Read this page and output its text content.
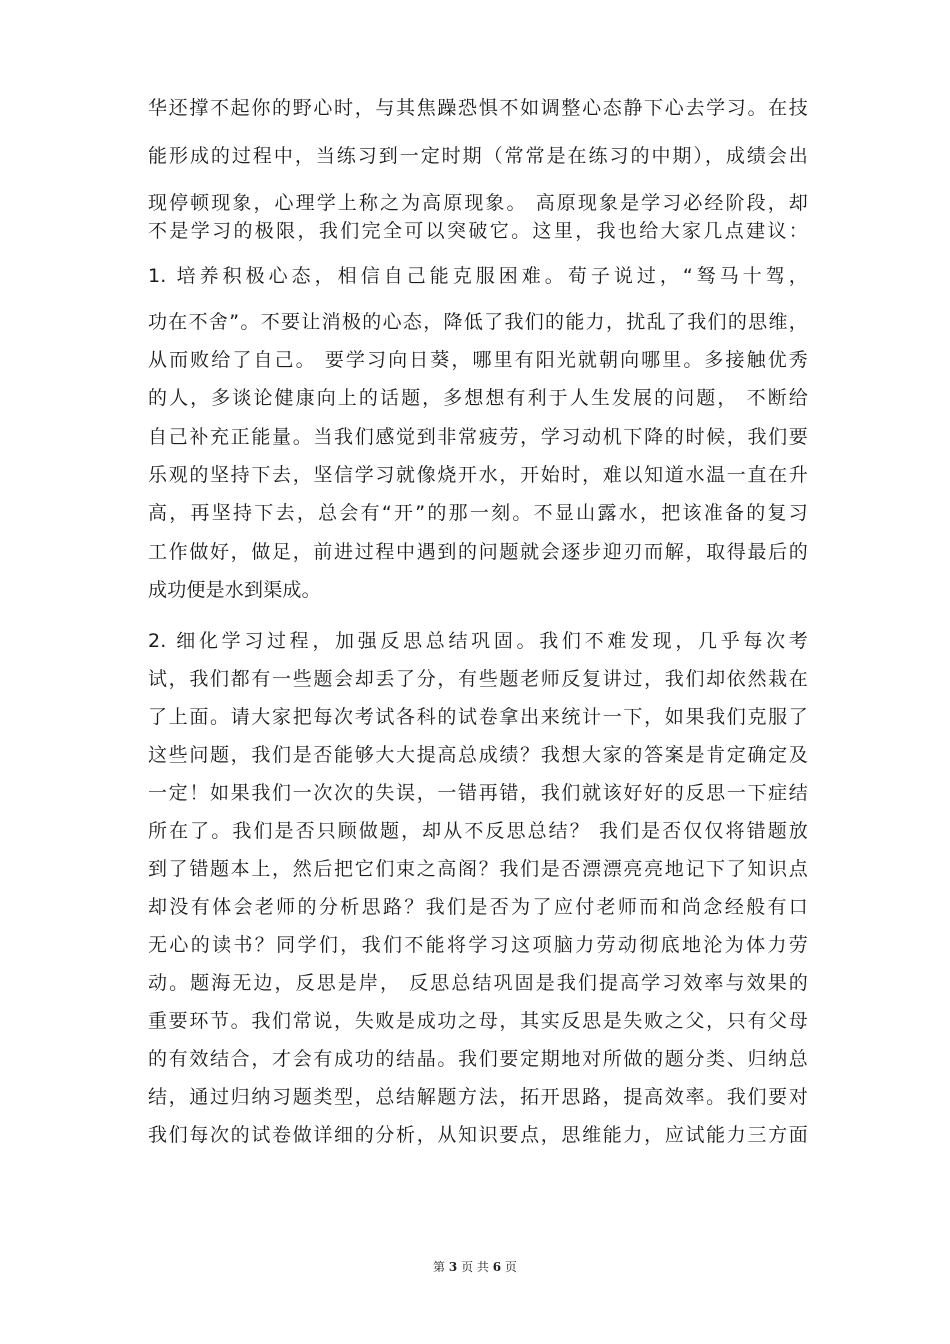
华还撑不起你的野心时，与其焦躁恐惧不如调整心态静下心去学习。在技
能形成的过程中，当练习到一定时期（常常是在练习的中期），成绩会出
现停顿现象，心理学上称之为高原现象。 高原现象是学习必经阶段，却
不是学习的极限，我们完全可以突破它。这里，我也给大家几点建议：
1. 培养积极心态，相信自己能克服困难。荀子说过，“驽马十驾，
功在不舍”。不要让消极的心态，降低了我们的能力，扰乱了我们的思维，
从而败给了自己。 要学习向日葵，哪里有阳光就朝向哪里。多接触优秀
的人，多谈论健康向上的话题，多想想有利于人生发展的问题， 不断给
自己补充正能量。当我们感觉到非常疲劳，学习动机下降的时候，我们要
乐观的坚持下去，坚信学习就像烧开水，开始时，难以知道水温一直在升
高，再坚持下去，总会有“开”的那一刻。不显山露水，把该准备的复习
工作做好，做足，前进过程中遇到的问题就会逐步迎刃而解，取得最后的
成功便是水到渠成。
2. 细化学习过程，加强反思总结巩固。我们不难发现，几乎每次考
试，我们都有一些题会却丢了分，有些题老师反复讲过，我们却依然栽在
了上面。请大家把每次考试各科的试卷拿出来统计一下，如果我们克服了
这些问题，我们是否能够大大提高总成绩？我想大家的答案是肯定确定及
一定！如果我们一次次的失误，一错再错，我们就该好好的反思一下症结
所在了。我们是否只顾做题，却从不反思总结？ 我们是否仅仅将错题放
到了错题本上，然后把它们束之高阁？我们是否漂漂亮亮地记下了知识点
却没有体会老师的分析思路？我们是否为了应付老师而和尚念经般有口
无心的读书？同学们，我们不能将学习这项脑力劳动彻底地沦为体力劳
动。题海无边，反思是岸， 反思总结巩固是我们提高学习效率与效果的
重要环节。我们常说，失败是成功之母，其实反思是失败之父，只有父母
的有效结合，才会有成功的结晶。我们要定期地对所做的题分类、归纳总
结，通过归纳习题类型，总结解题方法，拓开思路，提高效率。我们要对
我们每次的试卷做详细的分析，从知识要点，思维能力，应试能力三方面
第 3 页 共 6 页
